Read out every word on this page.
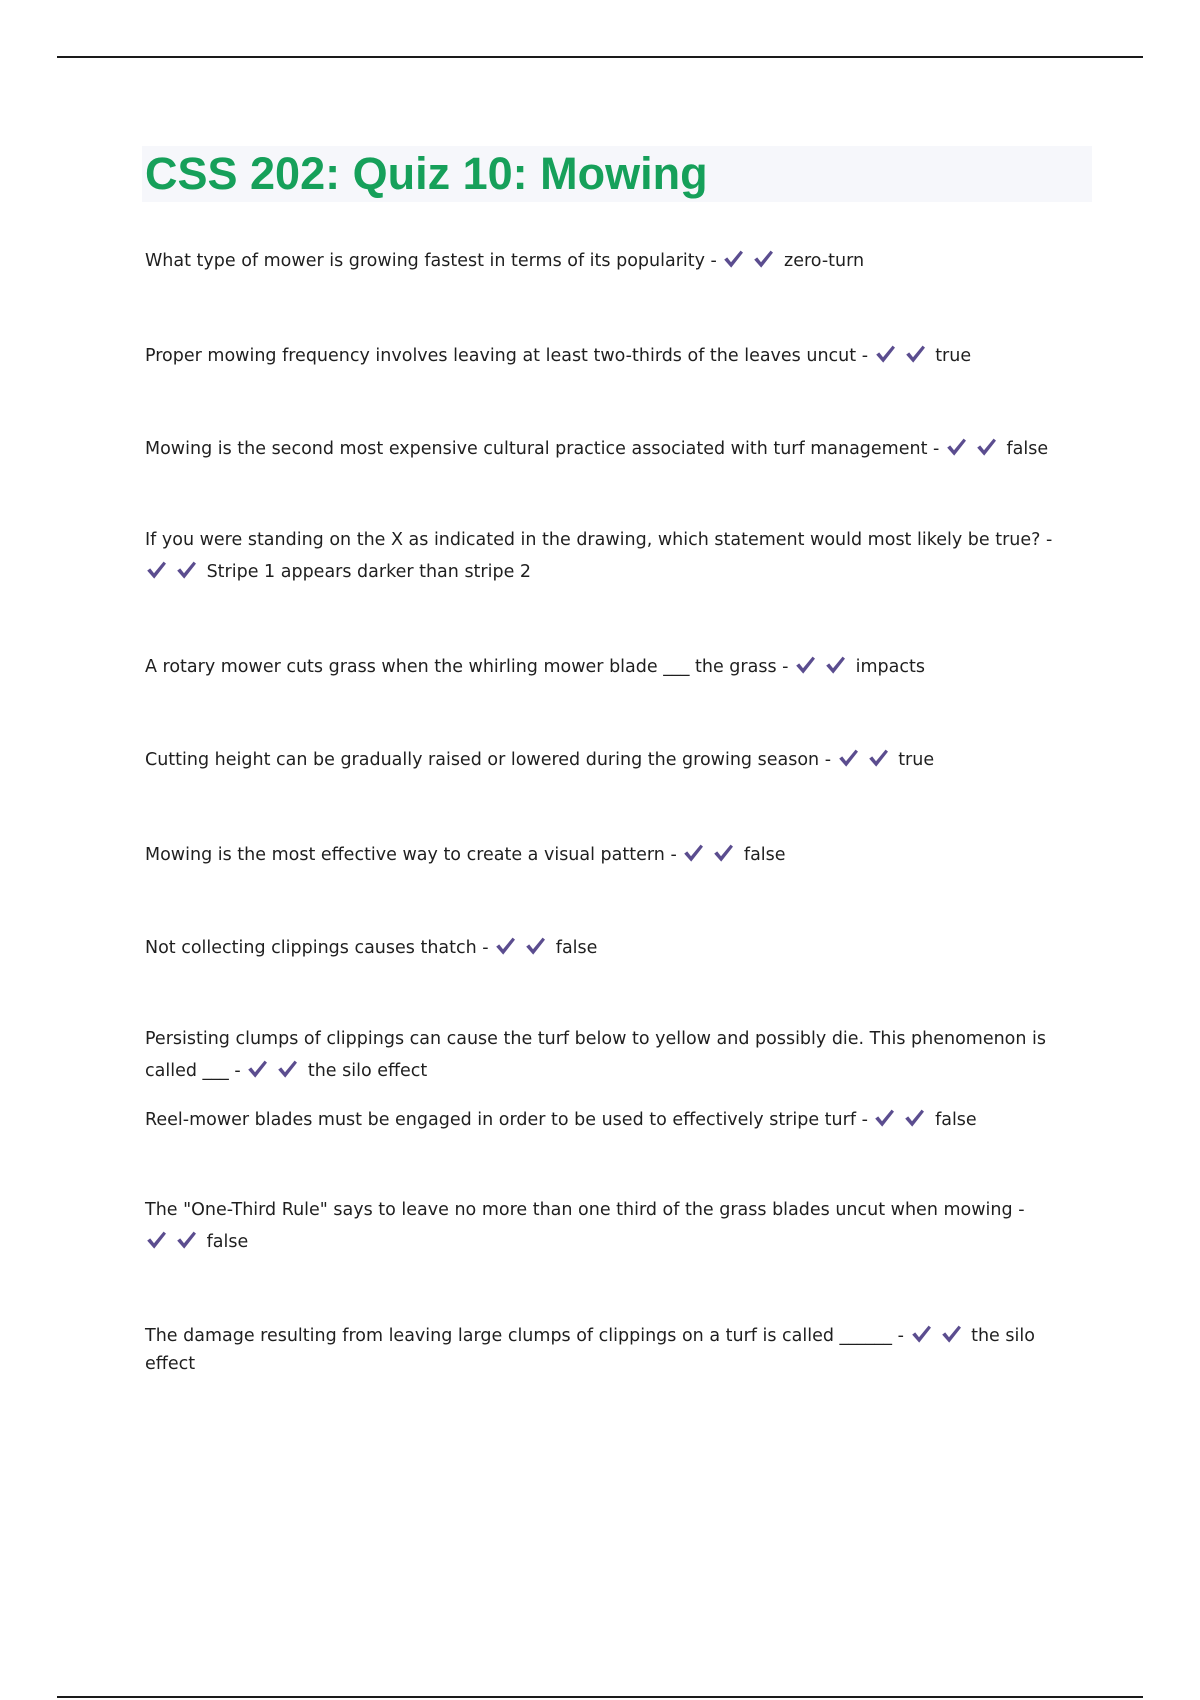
CSS 202: Quiz 10: Mowing

What type of mower is growing fastest in terms of its popularity -	zero-turn

Proper mowing frequency involves leaving at least two-thirds of the leaves uncut -	true

Mowing is the second most expensive cultural practice associated with turf management -	false

If you were standing on the X as indicated in the drawing, which statement would most likely be true? -
Stripe 1 appears darker than stripe 2

A rotary mower cuts grass when the whirling mower blade ___ the grass -	impacts

Cutting height can be gradually raised or lowered during the growing season -	true

Mowing is the most effective way to create a visual pattern -	false

Not collecting clippings causes thatch -	false

Persisting clumps of clippings can cause the turf below to yellow and possibly die. This phenomenon is called ___ -	the silo effect

Reel-mower blades must be engaged in order to be used to effectively stripe turf -	false

The "One-Third Rule" says to leave no more than one third of the grass blades uncut when mowing -
false

The damage resulting from leaving large clumps of clippings on a turf is called ______ -	the silo effect
